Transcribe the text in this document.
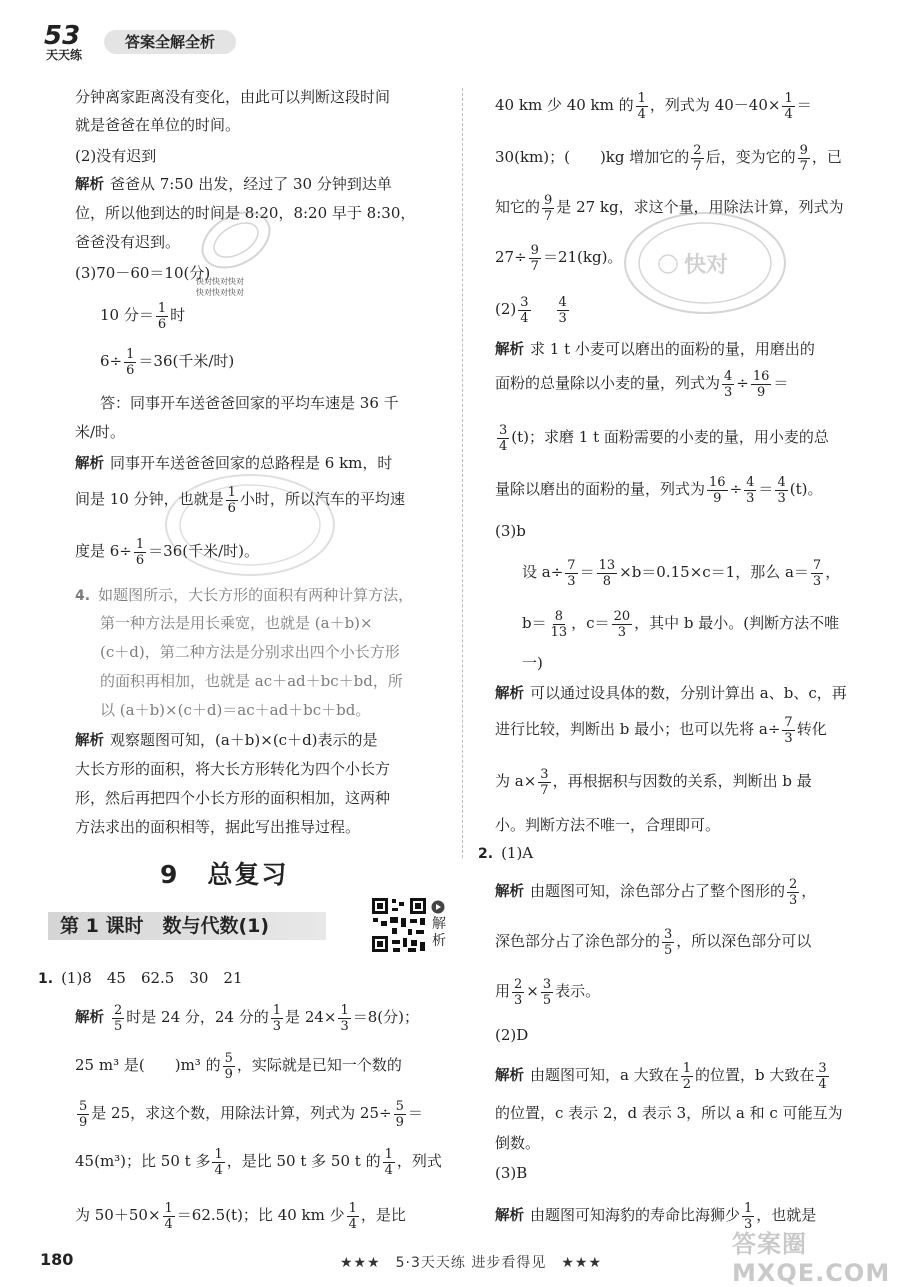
53
天天练
答案全解全析
分钟离家距离没有变化，由此可以判断这段时间
就是爸爸在单位的时间。
(2)没有迟到
解析 爸爸从 7:50 出发，经过了 30 分钟到达单
位，所以他到达的时间是 8:20，8:20 早于 8:30，
爸爸没有迟到。
(3)70－60＝10(分)
快对快对快对
快对快对快对
10 分＝ $\frac{1}{6}$ 时
$6\div \frac{1}{6} =36$(千米/时)
答：同事开车送爸爸回家的平均车速是 36 千
米/时。
解析 同事开车送爸爸回家的总路程是 6 km，时
间是 10 分钟，也就是 $\frac{1}{6}$ 小时，所以汽车的平均速
度是 $6\div \frac{1}{6} =36$(千米/时)。
4. 如题图所示，大长方形的面积有两种计算方法，
第一种方法是用长乘宽，也就是 (a＋b)×
(c＋d)，第二种方法是分别求出四个小长方形
的面积再相加，也就是 ac＋ad＋bc＋bd，所
以 (a＋b)×(c＋d)＝ac＋ad＋bc＋bd。
解析 观察题图可知，(a＋b)×(c＋d)表示的是
大长方形的面积，将大长方形转化为四个小长方
形，然后再把四个小长方形的面积相加，这两种
方法求出的面积相等，据此写出推导过程。
9 总复习
第 1 课时　数与代数(1)	解析
1. (1)8　45　62.5　30　21
解析 $\frac{2}{5}$ 时是 24 分，24 分的 $\frac{1}{3}$ 是 $24\times \frac{1}{3} =8$(分)；
25 m³ 是(　　)m³ 的 $\frac{5}{9}$ ，实际就是已知一个数的
$\frac{5}{9}$ 是 25，求这个数，用除法计算，列式为 $25\div \frac{5}{9}$ ＝
45(m³)；比 50 t 多 $\frac{1}{4}$ ，是比 50 t 多 50 t 的 $\frac{1}{4}$ ，列式
为 $50+50\times \frac{1}{4} =62.5(t)$；比 40 km 少 $\frac{1}{4}$ ，是比
40 km 少 40 km 的 $\frac{1}{4}$ ，列式为 $40-40\times \frac{1}{4}$ ＝
30(km)；(　　)kg 增加它的 $\frac{2}{7}$ 后，变为它的 $\frac{9}{7}$ ，已
知它的 $\frac{9}{7}$ 是 27 kg，求这个量，用除法计算，列式为
$27\div \frac{9}{7} =21(kg)$。
$(2) \frac{3}{4} \frac{4}{3}$
解析 求 1 t 小麦可以磨出的面粉的量，用磨出的
面粉的总量除以小麦的量，列式为 $\frac{4}{3} \div \frac{16}{9}$ ＝
$\frac{3}{4} (t)$；求磨 1 t 面粉需要的小麦的量，用小麦的总
量除以磨出的面粉的量，列式为 $\frac{16}{9} \div \frac{4}{3} = \frac{4}{3} (t)$。
(3)b
设 $a\div \frac{7}{3} = \frac{13}{8} \times b=0.15\times c=1$，那么 $a= \frac{7}{3}$ ，
$b= \frac{8}{13}$ ，$c= \frac{20}{3}$ ，其中 b 最小。(判断方法不唯
一)
解析 可以通过设具体的数，分别计算出 a、b、c，再
进行比较，判断出 b 最小；也可以先将 $a\div \frac{7}{3}$ 转化
为 $a\times \frac{3}{7}$ ，再根据积与因数的关系，判断出 b 最
小。判断方法不唯一，合理即可。
2. (1)A
解析 由题图可知，涂色部分占了整个图形的 $\frac{2}{3}$ ，
深色部分占了涂色部分的 $\frac{3}{5}$ ，所以深色部分可以
用 $\frac{2}{3} \times \frac{3}{5}$ 表示。
(2)D
解析 由题图可知，a 大致在 $\frac{1}{2}$ 的位置，b 大致在 $\frac{3}{4}$
的位置，c 表示 2，d 表示 3，所以 a 和 c 可能互为
倒数。
(3)B
解析 由题图可知海豹的寿命比海狮少 $\frac{1}{3}$ ，也就是
快对
180	★★★　5·3天天练 进步看得见　★★★
答案圈 MXQE.COM
